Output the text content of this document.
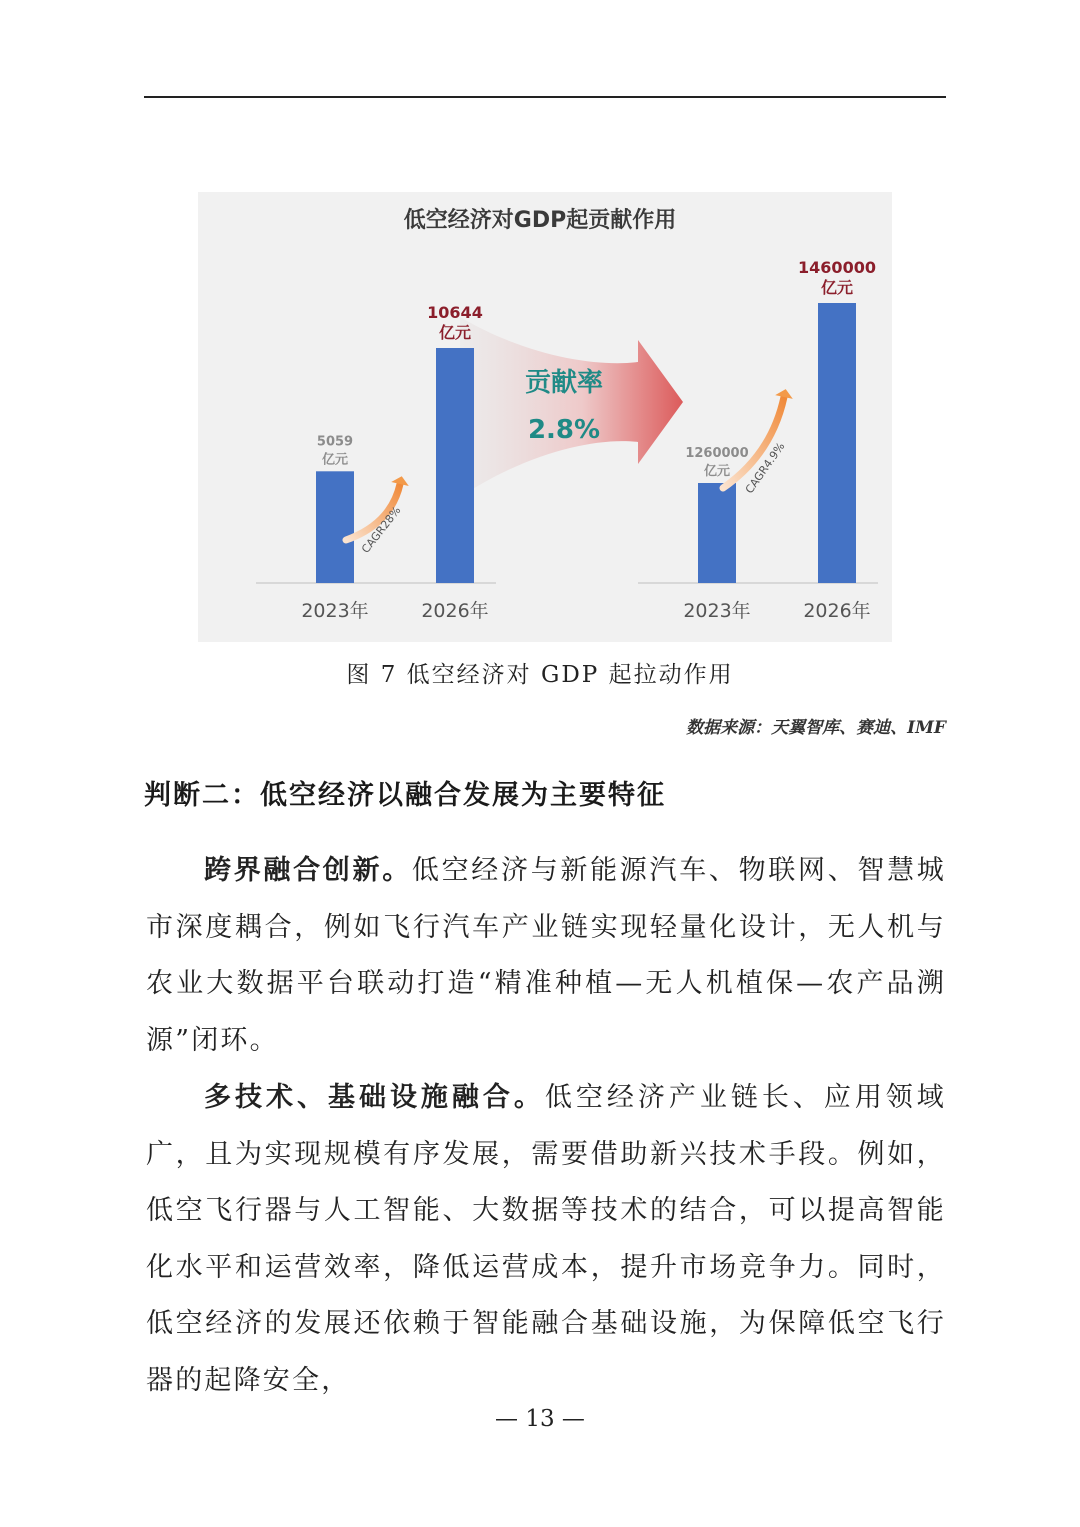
低空经济对GDP起贡献作用
贡献率
2.8%
5059
亿元
2023年
10644
亿元
2026年
CAGR28%
1260000
亿元
2023年
1460000
亿元
2026年
CAGR4.9%
图 7 低空经济对 GDP 起拉动作用
数据来源：天翼智库、赛迪、IMF
判断二：低空经济以融合发展为主要特征
跨界融合创新。低空经济与新能源汽车、物联网、智慧城市深度耦合，例如飞行汽车产业链实现轻量化设计，无人机与农业大数据平台联动打造“精准种植—无人机植保—农产品溯源”闭环。
多技术、基础设施融合。低空经济产业链长、应用领域广，且为实现规模有序发展，需要借助新兴技术手段。例如，低空飞行器与人工智能、大数据等技术的结合，可以提高智能化水平和运营效率，降低运营成本，提升市场竞争力。同时，低空经济的发展还依赖于智能融合基础设施，为保障低空飞行器的起降安全，
— 13 —
